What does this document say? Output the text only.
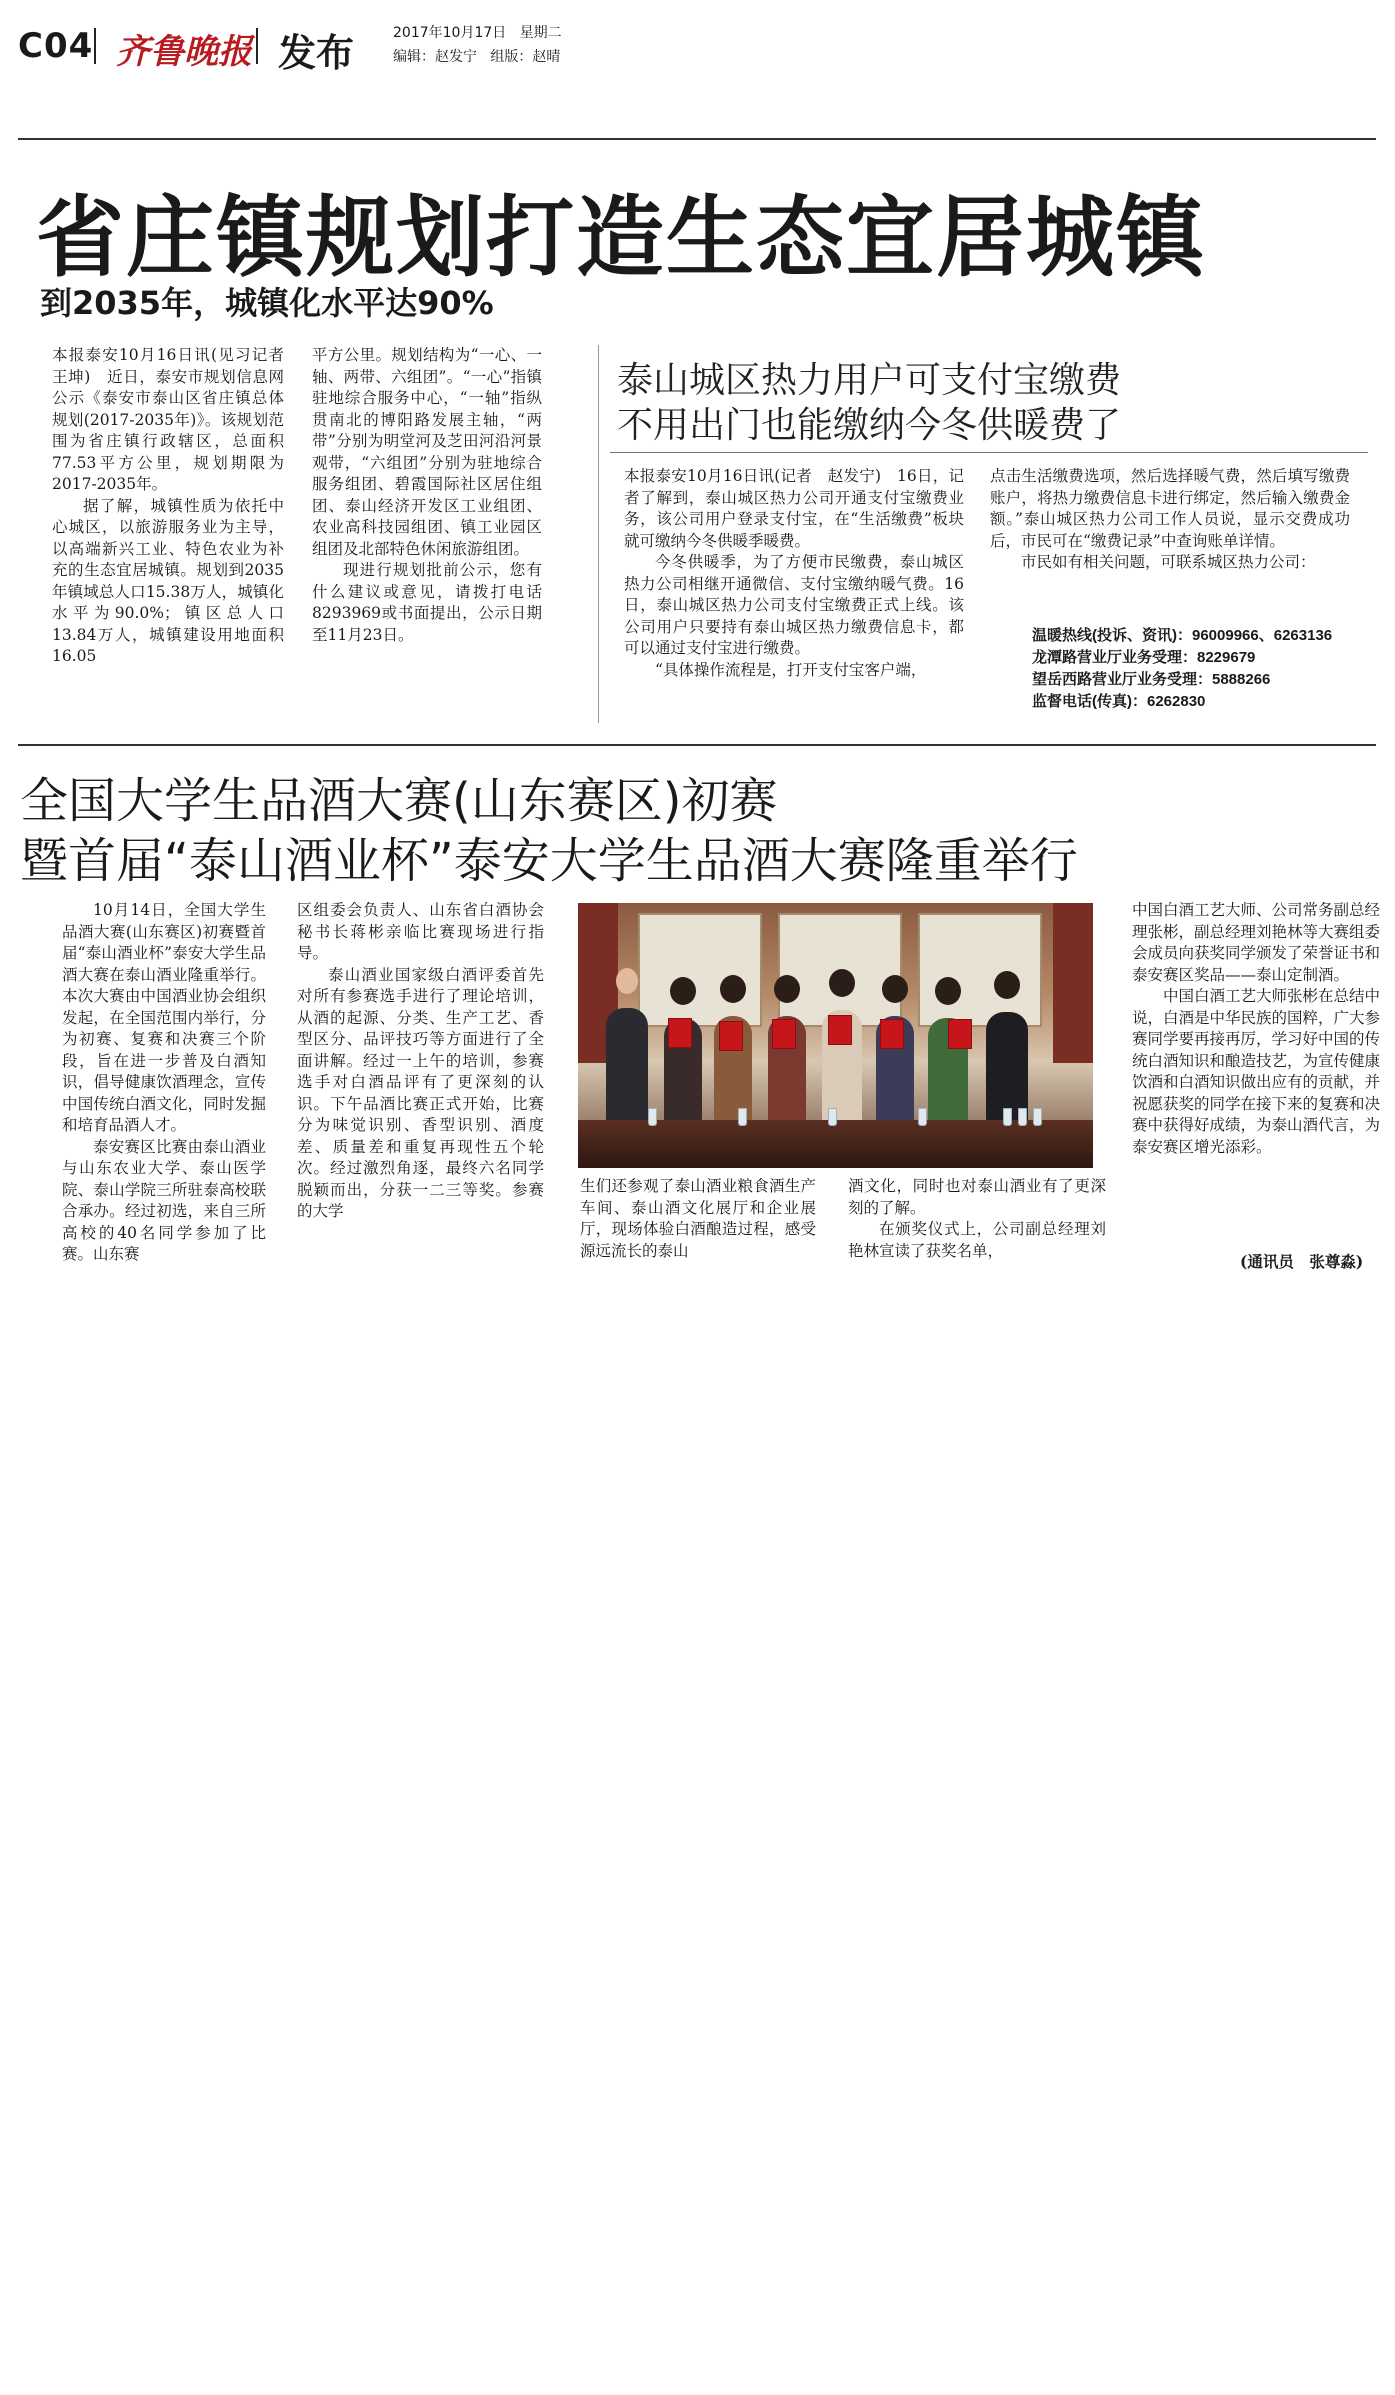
C04 齐鲁晚报 发布	2017年10月17日 星期二
编辑：赵发宁 组版：赵晴
省庄镇规划打造生态宜居城镇
到2035年，城镇化水平达90%

本报泰安10月16日讯(见习记者　王坤)　近日，泰安市规划信息网公示《泰安市泰山区省庄镇总体规划(2017-2035年)》。该规划范围为省庄镇行政辖区，总面积77.53平方公里，规划期限为2017-2035年。

据了解，城镇性质为依托中心城区，以旅游服务业为主导，以高端新兴工业、特色农业为补充的生态宜居城镇。规划到2035年镇域总人口15.38万人，城镇化水平为90.0%；镇区总人口13.84万人，城镇建设用地面积16.05

平方公里。规划结构为“一心、一轴、两带、六组团”。“一心”指镇驻地综合服务中心，“一轴”指纵贯南北的博阳路发展主轴，“两带”分别为明堂河及芝田河沿河景观带，“六组团”分别为驻地综合服务组团、碧霞国际社区居住组团、泰山经济开发区工业组团、农业高科技园组团、镇工业园区组团及北部特色休闲旅游组团。

现进行规划批前公示，您有什么建议或意见，请拨打电话8293969或书面提出，公示日期至11月23日。

泰山城区热力用户可支付宝缴费
不用出门也能缴纳今冬供暖费了

本报泰安10月16日讯(记者　赵发宁)　16日，记者了解到，泰山城区热力公司开通支付宝缴费业务，该公司用户登录支付宝，在“生活缴费”板块就可缴纳今冬供暖季暖费。

今冬供暖季，为了方便市民缴费，泰山城区热力公司相继开通微信、支付宝缴纳暖气费。16日，泰山城区热力公司支付宝缴费正式上线。该公司用户只要持有泰山城区热力缴费信息卡，都可以通过支付宝进行缴费。

“具体操作流程是，打开支付宝客户端，

点击生活缴费选项，然后选择暖气费，然后填写缴费账户，将热力缴费信息卡进行绑定，然后输入缴费金额。”泰山城区热力公司工作人员说，显示交费成功后，市民可在“缴费记录”中查询账单详情。

市民如有相关问题，可联系城区热力公司：

温暖热线(投诉、资讯)：96009966、6263136
龙潭路营业厅业务受理：8229679
望岳西路营业厅业务受理：5888266
监督电话(传真)：6262830
全国大学生品酒大赛(山东赛区)初赛
暨首届“泰山酒业杯”泰安大学生品酒大赛隆重举行

10月14日，全国大学生品酒大赛(山东赛区)初赛暨首届“泰山酒业杯”泰安大学生品酒大赛在泰山酒业隆重举行。本次大赛由中国酒业协会组织发起，在全国范围内举行，分为初赛、复赛和决赛三个阶段，旨在进一步普及白酒知识，倡导健康饮酒理念，宣传中国传统白酒文化，同时发掘和培育品酒人才。

泰安赛区比赛由泰山酒业与山东农业大学、泰山医学院、泰山学院三所驻泰高校联合承办。经过初选，来自三所高校的40名同学参加了比赛。山东赛

区组委会负责人、山东省白酒协会秘书长蒋彬亲临比赛现场进行指导。

泰山酒业国家级白酒评委首先对所有参赛选手进行了理论培训，从酒的起源、分类、生产工艺、香型区分、品评技巧等方面进行了全面讲解。经过一上午的培训，参赛选手对白酒品评有了更深刻的认识。下午品酒比赛正式开始，比赛分为味觉识别、香型识别、酒度差、质量差和重复再现性五个轮次。经过激烈角逐，最终六名同学脱颖而出，分获一二三等奖。参赛的大学

生们还参观了泰山酒业粮食酒生产车间、泰山酒文化展厅和企业展厅，现场体验白酒酿造过程，感受源远流长的泰山

酒文化，同时也对泰山酒业有了更深刻的了解。

在颁奖仪式上，公司副总经理刘艳林宣读了获奖名单，

中国白酒工艺大师、公司常务副总经理张彬，副总经理刘艳林等大赛组委会成员向获奖同学颁发了荣誉证书和泰安赛区奖品——泰山定制酒。

中国白酒工艺大师张彬在总结中说，白酒是中华民族的国粹，广大参赛同学要再接再厉，学习好中国的传统白酒知识和酿造技艺，为宣传健康饮酒和白酒知识做出应有的贡献，并祝愿获奖的同学在接下来的复赛和决赛中获得好成绩，为泰山酒代言，为泰安赛区增光添彩。

(通讯员　张尊淼)
